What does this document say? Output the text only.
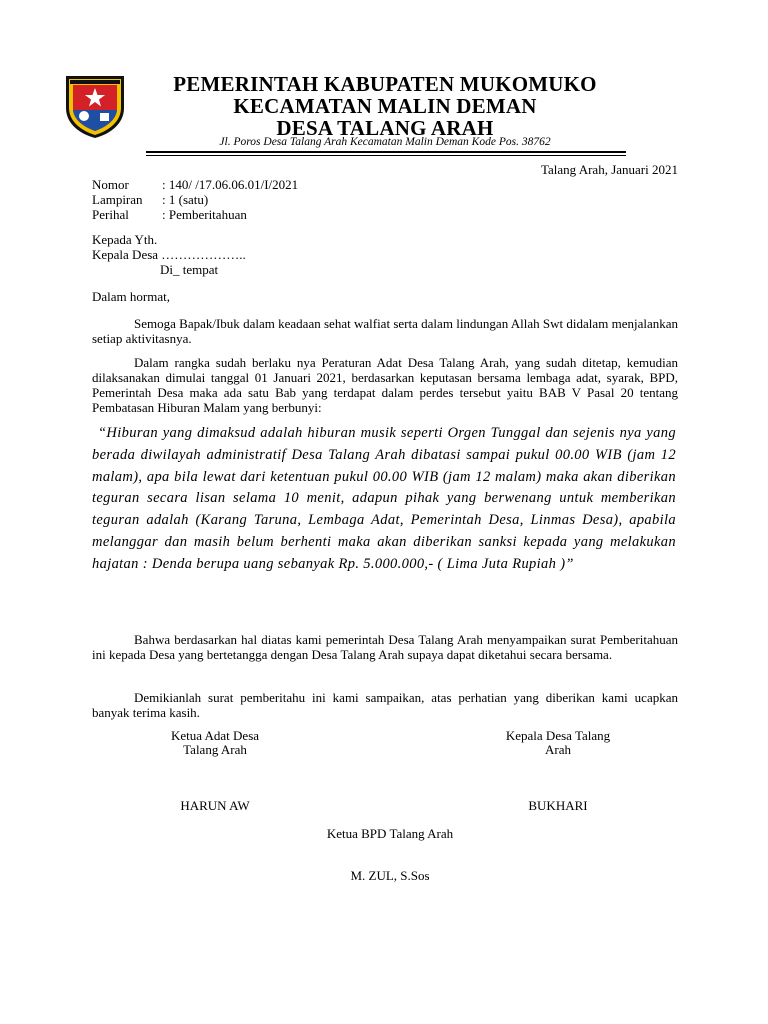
PEMERINTAH KABUPATEN MUKOMUKO
KECAMATAN MALIN DEMAN
DESA TALANG ARAH
Jl. Poros Desa Talang Arah Kecamatan Malin Deman Kode Pos. 38762
Talang Arah, Januari 2021
Nomor	: 140/ /17.06.06.01/I/2021
Lampiran : 1 (satu)
Perihal	: Pemberitahuan
Kepada Yth.
Kepala Desa ………………..
Di_ tempat
Dalam hormat,
Semoga Bapak/Ibuk dalam keadaan sehat walfiat serta dalam lindungan Allah Swt didalam menjalankan setiap aktivitasnya.
Dalam rangka sudah berlaku nya Peraturan Adat Desa Talang Arah, yang sudah ditetap, kemudian dilaksanakan dimulai tanggal 01 Januari 2021, berdasarkan keputasan bersama lembaga adat, syarak, BPD, Pemerintah Desa maka ada satu Bab yang terdapat dalam perdes tersebut yaitu BAB V Pasal 20 tentang Pembatasan Hiburan Malam yang berbunyi:
“Hiburan yang dimaksud adalah hiburan musik seperti Orgen Tunggal dan sejenis nya yang berada diwilayah administratif Desa Talang Arah dibatasi sampai pukul 00.00 WIB (jam 12 malam), apa bila lewat dari ketentuan pukul 00.00 WIB (jam 12 malam) maka akan diberikan teguran secara lisan selama 10 menit, adapun pihak yang berwenang untuk memberikan teguran adalah (Karang Taruna, Lembaga Adat, Pemerintah Desa, Linmas Desa), apabila melanggar dan masih belum berhenti maka akan diberikan sanksi kepada yang melakukan hajatan : Denda berupa uang sebanyak Rp. 5.000.000,- ( Lima Juta Rupiah )”
Bahwa berdasarkan hal diatas kami pemerintah Desa Talang Arah menyampaikan surat Pemberitahuan ini kepada Desa yang bertetangga dengan Desa Talang Arah supaya dapat diketahui secara bersama.
Demikianlah surat pemberitahu ini kami sampaikan, atas perhatian yang diberikan kami ucapkan banyak terima kasih.
Ketua Adat Desa
Talang Arah
HARUN AW
Kepala Desa Talang
Arah
BUKHARI
Ketua BPD Talang Arah
M. ZUL, S.Sos
